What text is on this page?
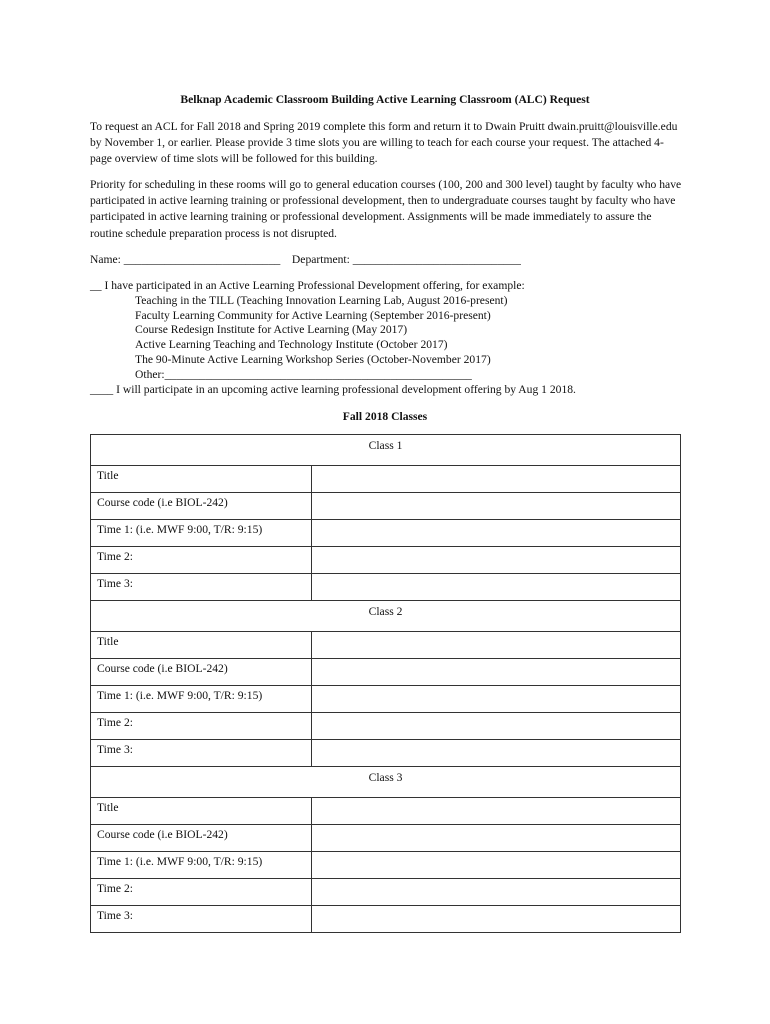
Belknap Academic Classroom Building Active Learning Classroom (ALC) Request

To request an ACL for Fall 2018 and Spring 2019 complete this form and return it to Dwain Pruitt dwain.pruitt@louisville.edu by November 1, or earlier. Please provide 3 time slots you are willing to teach for each course your request. The attached 4-page overview of time slots will be followed for this building.

Priority for scheduling in these rooms will go to general education courses (100, 200 and 300 level) taught by faculty who have participated in active learning training or professional development, then to undergraduate courses taught by faculty who have participated in active learning training or professional development. Assignments will be made immediately to assure the routine schedule preparation process is not disrupted.

Name: ___________________________ Department: _____________________________
__ I have participated in an Active Learning Professional Development offering, for example:
Teaching in the TILL (Teaching Innovation Learning Lab, August 2016-present)
Faculty Learning Community for Active Learning (September 2016-present)
Course Redesign Institute for Active Learning (May 2017)
Active Learning Teaching and Technology Institute (October 2017)
The 90-Minute Active Learning Workshop Series (October-November 2017)
Other:_____________________________________________________
____ I will participate in an upcoming active learning professional development offering by Aug 1 2018.
Fall 2018 Classes
Class 1	
Title	
Course code (i.e BIOL-242)	
Time 1: (i.e. MWF 9:00, T/R: 9:15)	
Time 2:	
Time 3:	
Class 2	
Title	
Course code (i.e BIOL-242)	
Time 1: (i.e. MWF 9:00, T/R: 9:15)	
Time 2:	
Time 3:	
Class 3	
Title	
Course code (i.e BIOL-242)	
Time 1: (i.e. MWF 9:00, T/R: 9:15)	
Time 2:	
Time 3:	
